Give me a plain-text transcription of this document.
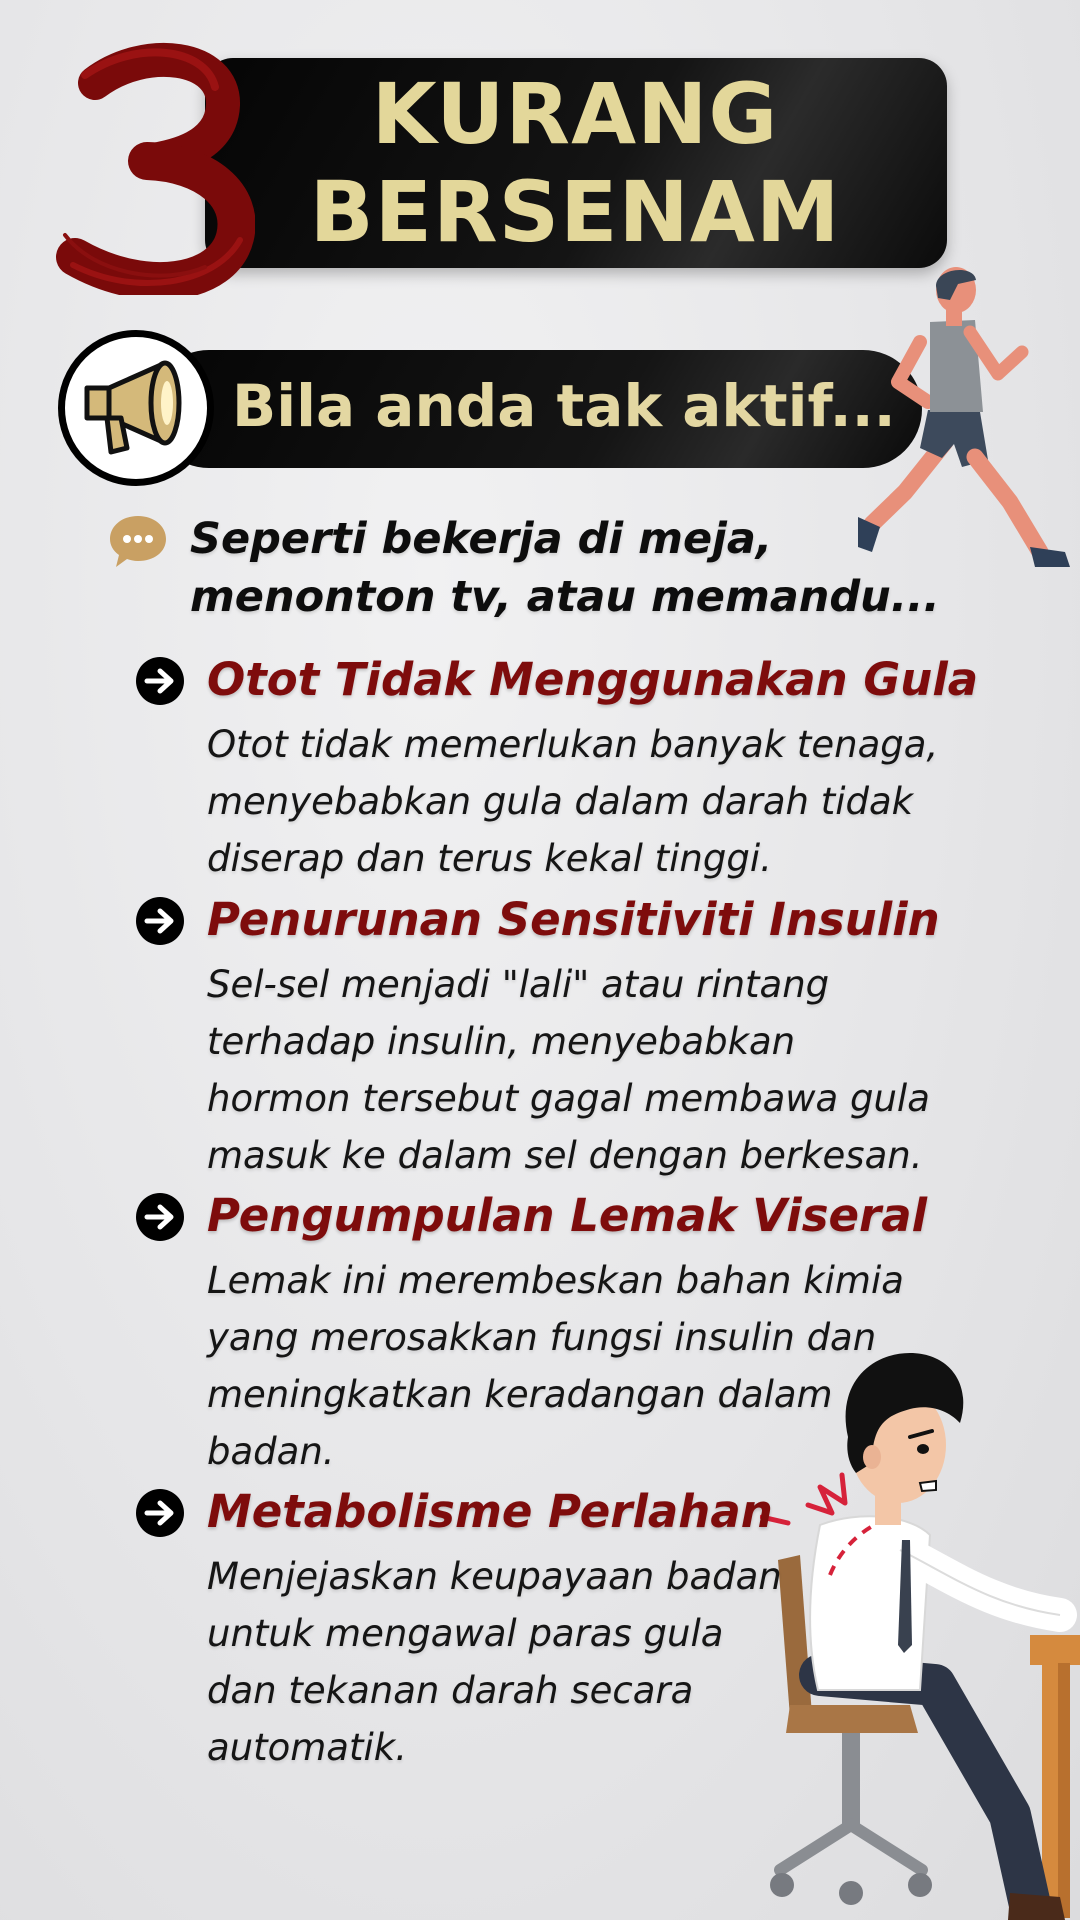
KURANG
BERSENAM
Bila anda tak aktif...
Seperti bekerja di meja,
menonton tv, atau memandu...
Otot Tidak Menggunakan Gula
Otot tidak memerlukan banyak tenaga,
menyebabkan gula dalam darah tidak
diserap dan terus kekal tinggi.
Penurunan Sensitiviti Insulin
Sel-sel menjadi "lali" atau rintang
terhadap insulin, menyebabkan
hormon tersebut gagal membawa gula
masuk ke dalam sel dengan berkesan.
Pengumpulan Lemak Viseral
Lemak ini merembeskan bahan kimia
yang merosakkan fungsi insulin dan
meningkatkan keradangan dalam
badan.
Metabolisme Perlahan
Menjejaskan keupayaan badan
untuk mengawal paras gula
dan tekanan darah secara
automatik.
